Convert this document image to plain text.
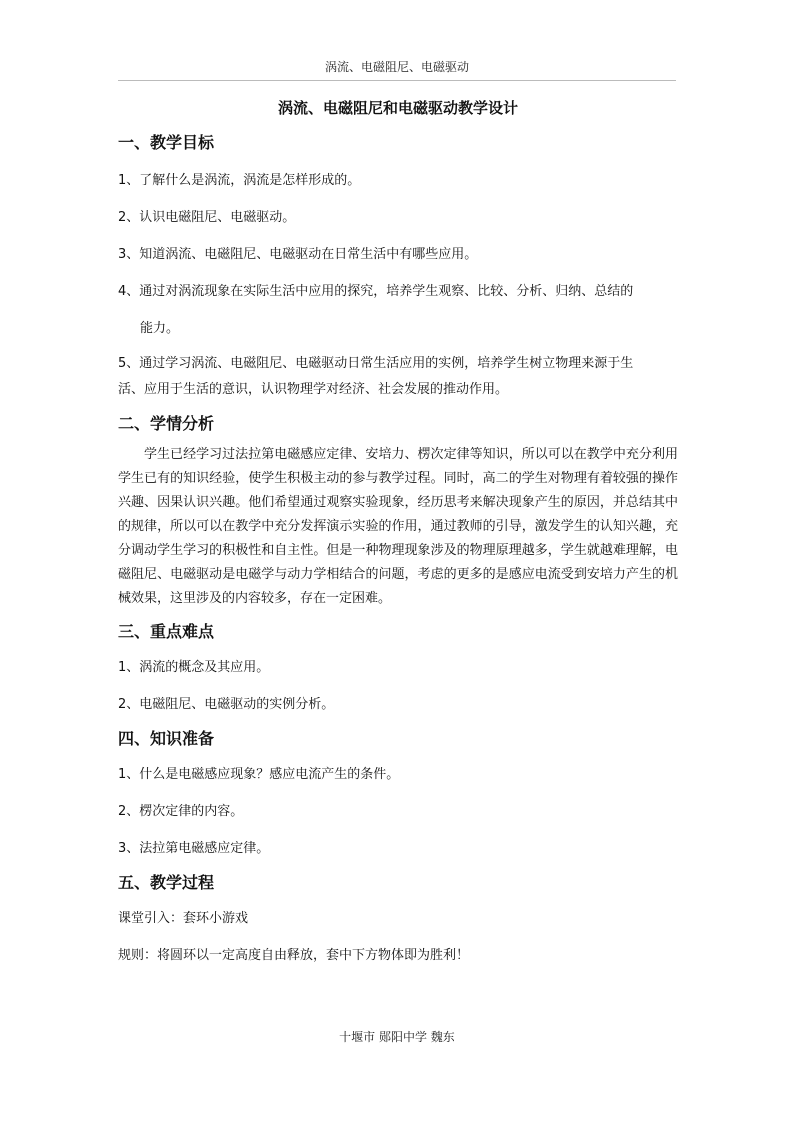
涡流、电磁阻尼、电磁驱动
涡流、电磁阻尼和电磁驱动教学设计
一、教学目标

1、了解什么是涡流，涡流是怎样形成的。

2、认识电磁阻尼、电磁驱动。

3、知道涡流、电磁阻尼、电磁驱动在日常生活中有哪些应用。

4、通过对涡流现象在实际生活中应用的探究，培养学生观察、比较、分析、归纳、总结的

能力。

5、通过学习涡流、电磁阻尼、电磁驱动日常生活应用的实例，培养学生树立物理来源于生

活、应用于生活的意识，认识物理学对经济、社会发展的推动作用。

二、学情分析

学生已经学习过法拉第电磁感应定律、安培力、楞次定律等知识，所以可以在教学中充分利用学生已有的知识经验，使学生积极主动的参与教学过程。同时，高二的学生对物理有着较强的操作兴趣、因果认识兴趣。他们希望通过观察实验现象，经历思考来解决现象产生的原因，并总结其中的规律，所以可以在教学中充分发挥演示实验的作用，通过教师的引导，激发学生的认知兴趣，充分调动学生学习的积极性和自主性。但是一种物理现象涉及的物理原理越多，学生就越难理解，电磁阻尼、电磁驱动是电磁学与动力学相结合的问题，考虑的更多的是感应电流受到安培力产生的机械效果，这里涉及的内容较多，存在一定困难。

三、重点难点

1、涡流的概念及其应用。

2、电磁阻尼、电磁驱动的实例分析。

四、知识准备

1、什么是电磁感应现象？感应电流产生的条件。

2、楞次定律的内容。

3、法拉第电磁感应定律。

五、教学过程

课堂引入：套环小游戏

规则：将圆环以一定高度自由释放，套中下方物体即为胜利！

十堰市 郧阳中学 魏东
